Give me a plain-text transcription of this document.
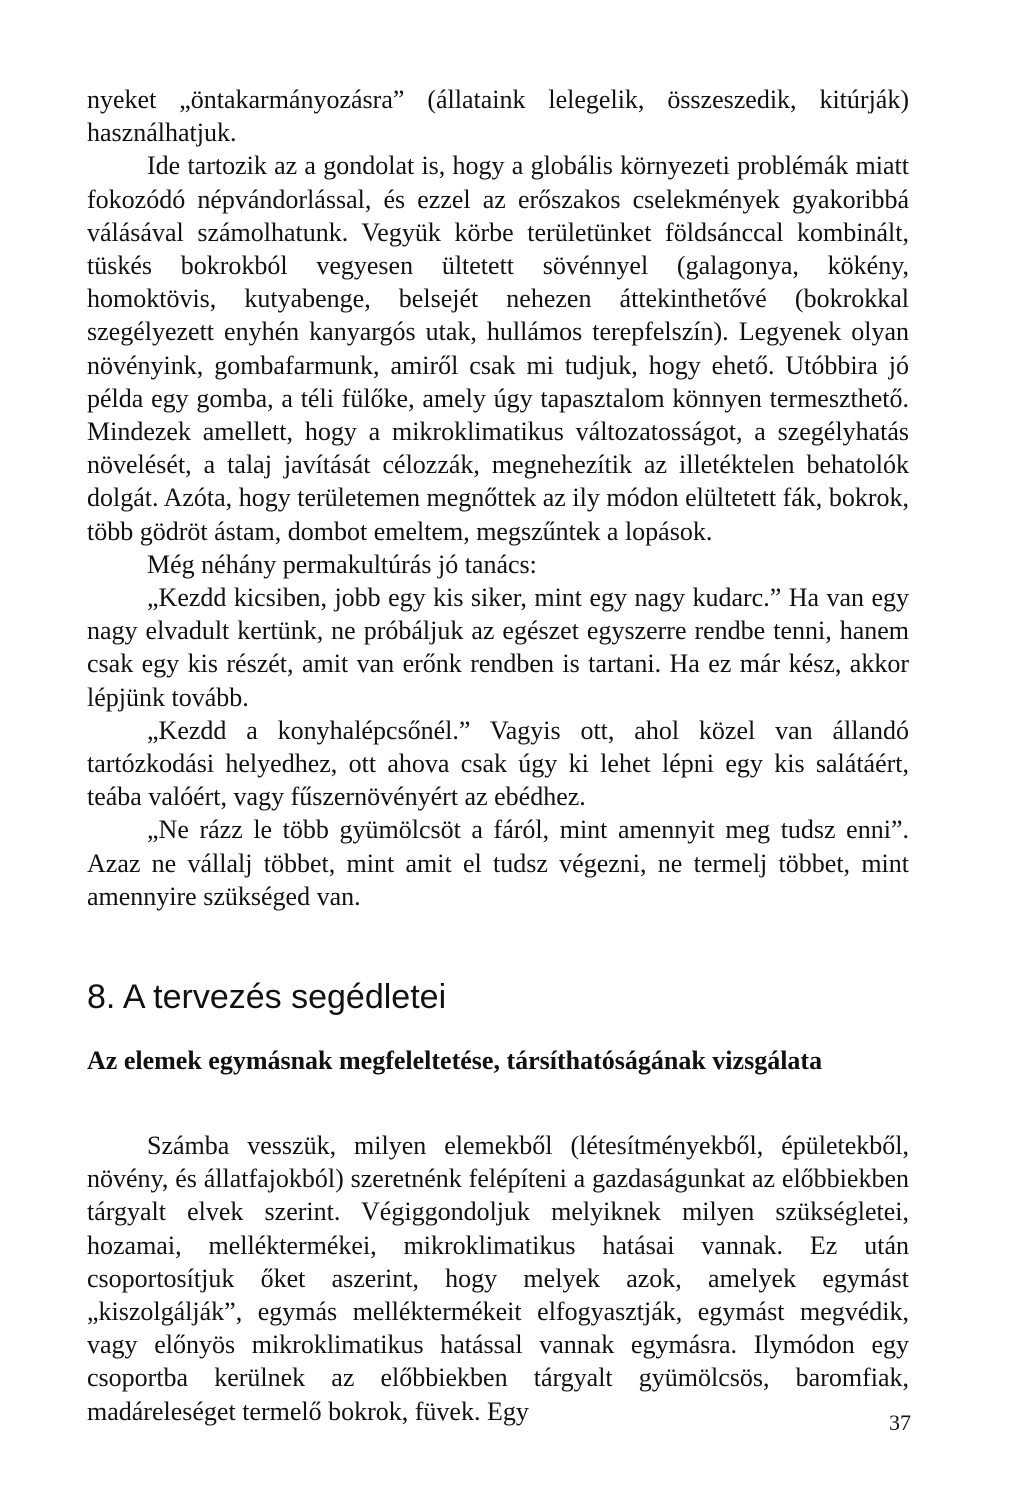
nyeket „öntakarmányozásra” (állataink lelegelik, összeszedik, kitúrják) használhatjuk.

Ide tartozik az a gondolat is, hogy a globális környezeti problémák miatt fokozódó népvándorlással, és ezzel az erőszakos cselekmények gyakoribbá válásával számolhatunk. Vegyük körbe területünket földsánccal kombinált, tüskés bokrokból vegyesen ültetett sövénnyel (galagonya, kökény, homoktövis, kutyabenge, belsejét nehezen áttekinthetővé (bokrokkal szegélyezett enyhén kanyargós utak, hullámos terepfelszín). Legyenek olyan növényink, gombafarmunk, amiről csak mi tudjuk, hogy ehető. Utóbbira jó példa egy gomba, a téli fülőke, amely úgy tapasztalom könnyen termeszthető. Mindezek amellett, hogy a mikroklimatikus változatosságot, a szegélyhatás növelését, a talaj javítását célozzák, megnehezítik az illetéktelen behatolók dolgát. Azóta, hogy területemen megnőttek az ily módon elültetett fák, bokrok, több gödröt ástam, dombot emeltem, megszűntek a lopások.

Még néhány permakultúrás jó tanács:

„Kezdd kicsiben, jobb egy kis siker, mint egy nagy kudarc.” Ha van egy nagy elvadult kertünk, ne próbáljuk az egészet egyszerre rendbe tenni, hanem csak egy kis részét, amit van erőnk rendben is tartani. Ha ez már kész, akkor lépjünk tovább.

„Kezdd a konyhalépcsőnél.” Vagyis ott, ahol közel van állandó tartózkodási helyedhez, ott ahova csak úgy ki lehet lépni egy kis salátáért, teába valóért, vagy fűszernövényért az ebédhez.

„Ne rázz le több gyümölcsöt a fáról, mint amennyit meg tudsz enni”. Azaz ne vállalj többet, mint amit el tudsz végezni, ne termelj többet, mint amennyire szükséged van.

8. A tervezés segédletei
Az elemek egymásnak megfeleltetése, társíthatóságának vizsgálata

Számba vesszük, milyen elemekből (létesítményekből, épületekből, növény, és állatfajokból) szeretnénk felépíteni a gazdaságunkat az előbbiekben tárgyalt elvek szerint. Végiggondoljuk melyiknek milyen szükségletei, hozamai, melléktermékei, mikroklimatikus hatásai vannak. Ez után csoportosítjuk őket aszerint, hogy melyek azok, amelyek egymást „kiszolgálják”, egymás melléktermékeit elfogyasztják, egymást megvédik, vagy előnyös mikroklimatikus hatással vannak egymásra. Ilymódon egy csoportba kerülnek az előbbiekben tárgyalt gyümölcsös, baromfiak, madáreleséget termelő bokrok, füvek. Egy	37
